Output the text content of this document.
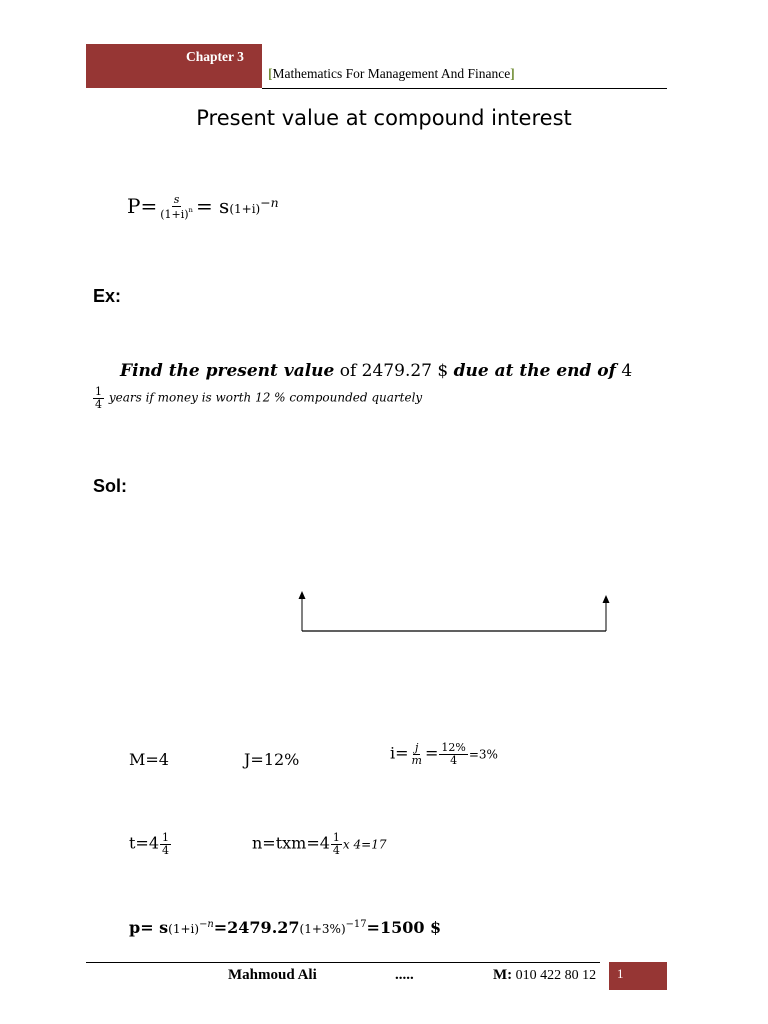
Chapter 3
[Mathematics For Management And Finance]
Present value at compound interest
$P= \frac{s}{(1+i)^n} = s(1+i)^{-n}$
Ex:
Find the present value of 2479.27 $ due at the end of 4
$\frac{1}{4}$ years if money is worth 12 % compounded quartely
Sol:
M=4	J=12%	$i= \frac{j}{m} = \frac{12\%}{4} =3\%$
$t=4 \frac{1}{4}$	$n=txm=4 \frac{1}{4}$ x 4=17
$p= s(1+i)^{-n}=2479.27(1+3\%)^{-17}=1500$ $
Mahmoud Ali	.....	M: 010 422 80 12 1
